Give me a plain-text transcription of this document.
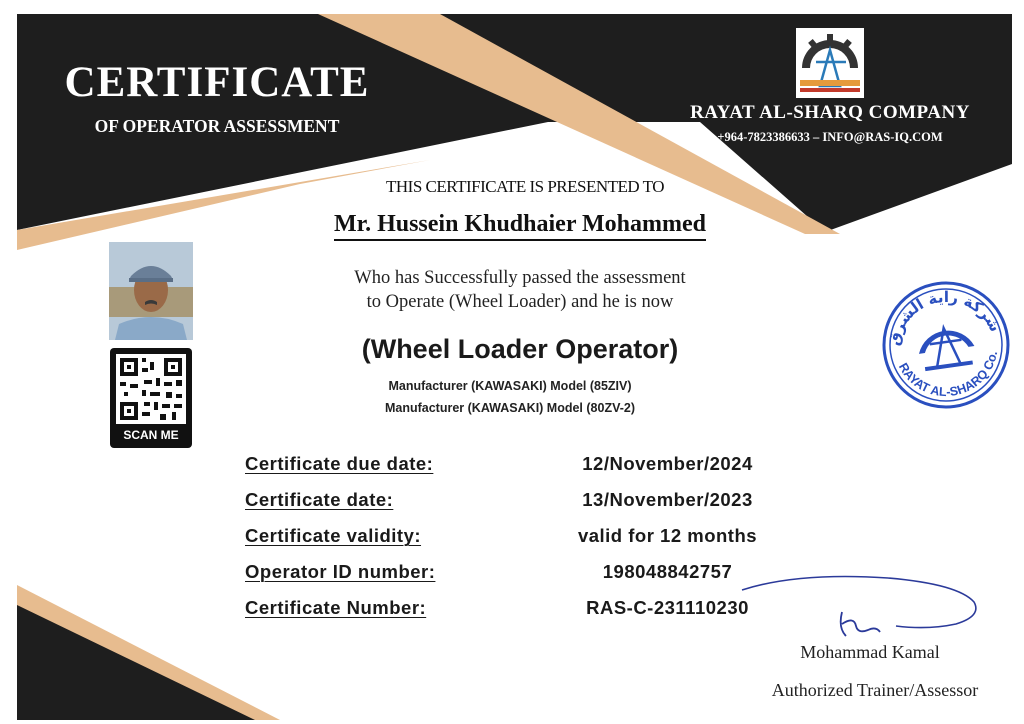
CERTIFICATE
OF OPERATOR ASSESSMENT
RAYAT AL-SHARQ COMPANY
+964-7823386633 – INFO@RAS-IQ.COM
THIS CERTIFICATE IS PRESENTED TO
Mr. Hussein Khudhaier Mohammed
Who has Successfully passed the assessment
to Operate (Wheel Loader) and he is now
(Wheel Loader Operator)
Manufacturer (KAWASAKI) Model (85ZIV)
Manufacturer (KAWASAKI) Model (80ZV-2)
SCAN ME
Certificate due date:	12/November/2024
Certificate date:	13/November/2023
Certificate validity:	valid for 12 months
Operator ID number:	198048842757
Certificate Number:	RAS-C-231110230
شركة راية الشرق
RAYAT AL-SHARQ Co.
Mohammad Kamal
Authorized Trainer/Assessor
